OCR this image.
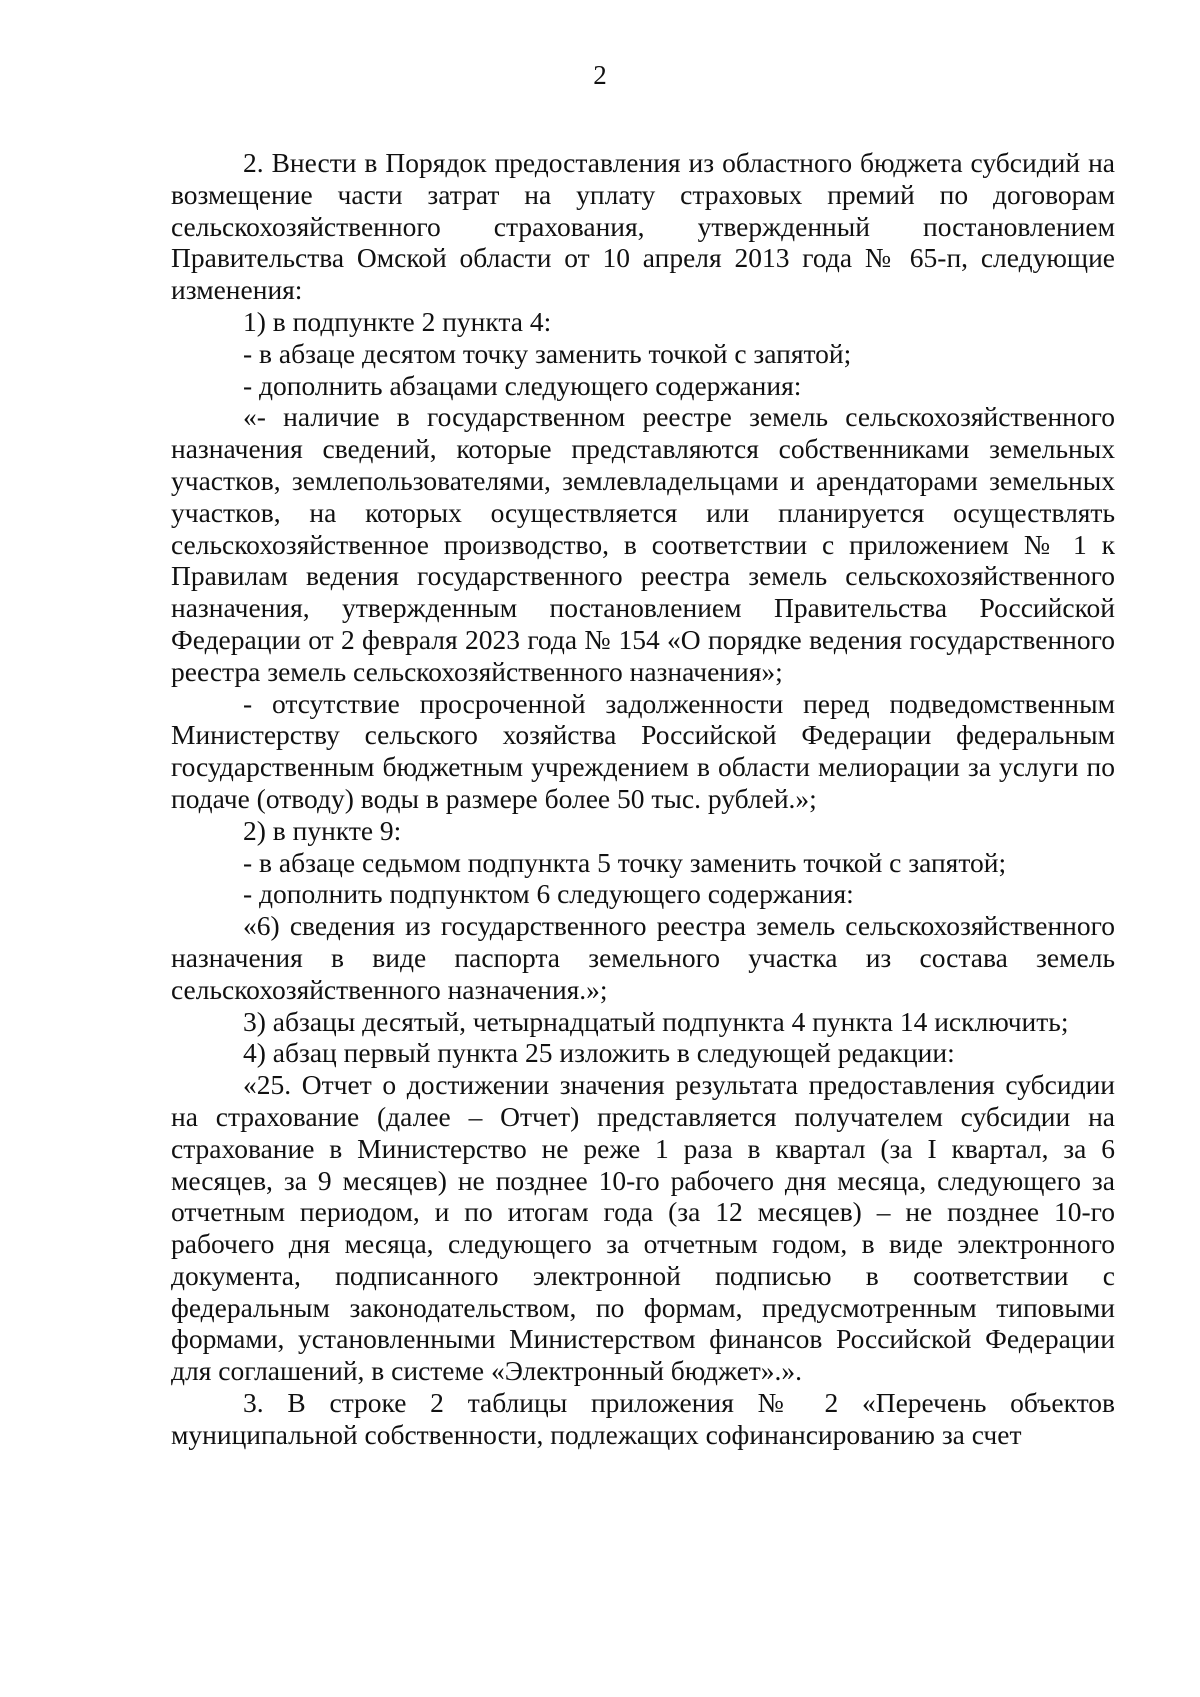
2

2. Внести в Порядок предоставления из областного бюджета субсидий на возмещение части затрат на уплату страховых премий по договорам сельскохозяйственного страхования, утвержденный постановлением Правительства Омской области от 10 апреля 2013 года № 65-п, следующие изменения:

1) в подпункте 2 пункта 4:

- в абзаце десятом точку заменить точкой с запятой;

- дополнить абзацами следующего содержания:

«- наличие в государственном реестре земель сельскохозяйственного назначения сведений, которые представляются собственниками земельных участков, землепользователями, землевладельцами и арендаторами земельных участков, на которых осуществляется или планируется осуществлять сельскохозяйственное производство, в соответствии с приложением № 1 к Правилам ведения государственного реестра земель сельскохозяйственного назначения, утвержденным постановлением Правительства Российской Федерации от 2 февраля 2023 года № 154 «О порядке ведения государственного реестра земель сельскохозяйственного назначения»;

- отсутствие просроченной задолженности перед подведомственным Министерству сельского хозяйства Российской Федерации федеральным государственным бюджетным учреждением в области мелиорации за услуги по подаче (отводу) воды в размере более 50 тыс. рублей.»;

2) в пункте 9:

- в абзаце седьмом подпункта 5 точку заменить точкой с запятой;

- дополнить подпунктом 6 следующего содержания:

«6) сведения из государственного реестра земель сельскохозяйственного назначения в виде паспорта земельного участка из состава земель сельскохозяйственного назначения.»;

3) абзацы десятый, четырнадцатый подпункта 4 пункта 14 исключить;

4) абзац первый пункта 25 изложить в следующей редакции:

«25. Отчет о достижении значения результата предоставления субсидии на страхование (далее – Отчет) представляется получателем субсидии на страхование в Министерство не реже 1 раза в квартал (за I квартал, за 6 месяцев, за 9 месяцев) не позднее 10-го рабочего дня месяца, следующего за отчетным периодом, и по итогам года (за 12 месяцев) – не позднее 10-го рабочего дня месяца, следующего за отчетным годом, в виде электронного документа, подписанного электронной подписью в соответствии с федеральным законодательством, по формам, предусмотренным типовыми формами, установленными Министерством финансов Российской Федерации для соглашений, в системе «Электронный бюджет».».

3. В строке 2 таблицы приложения № 2 «Перечень объектов муниципальной собственности, подлежащих софинансированию за счет
